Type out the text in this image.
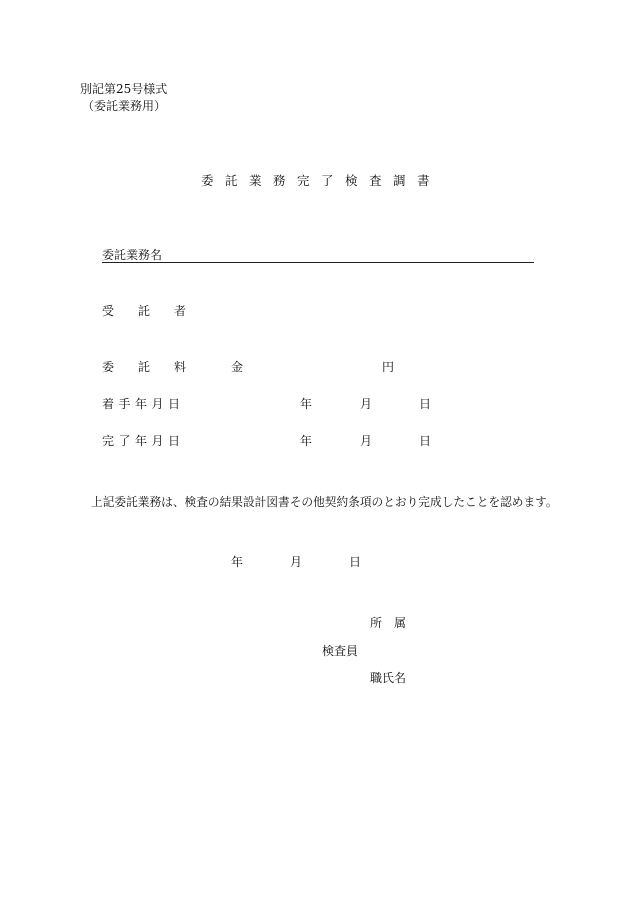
別記第25号様式
（委託業務用）
委託業務完了検査調書
委託業務名
受　　託　　者
委　　託　　料	金	円
着手年月日	年	月	日
完了年月日	年	月	日
上記委託業務は、検査の結果設計図書その他契約条項のとおり完成したことを認めます。
年	月	日
所　属
検査員
職氏名
